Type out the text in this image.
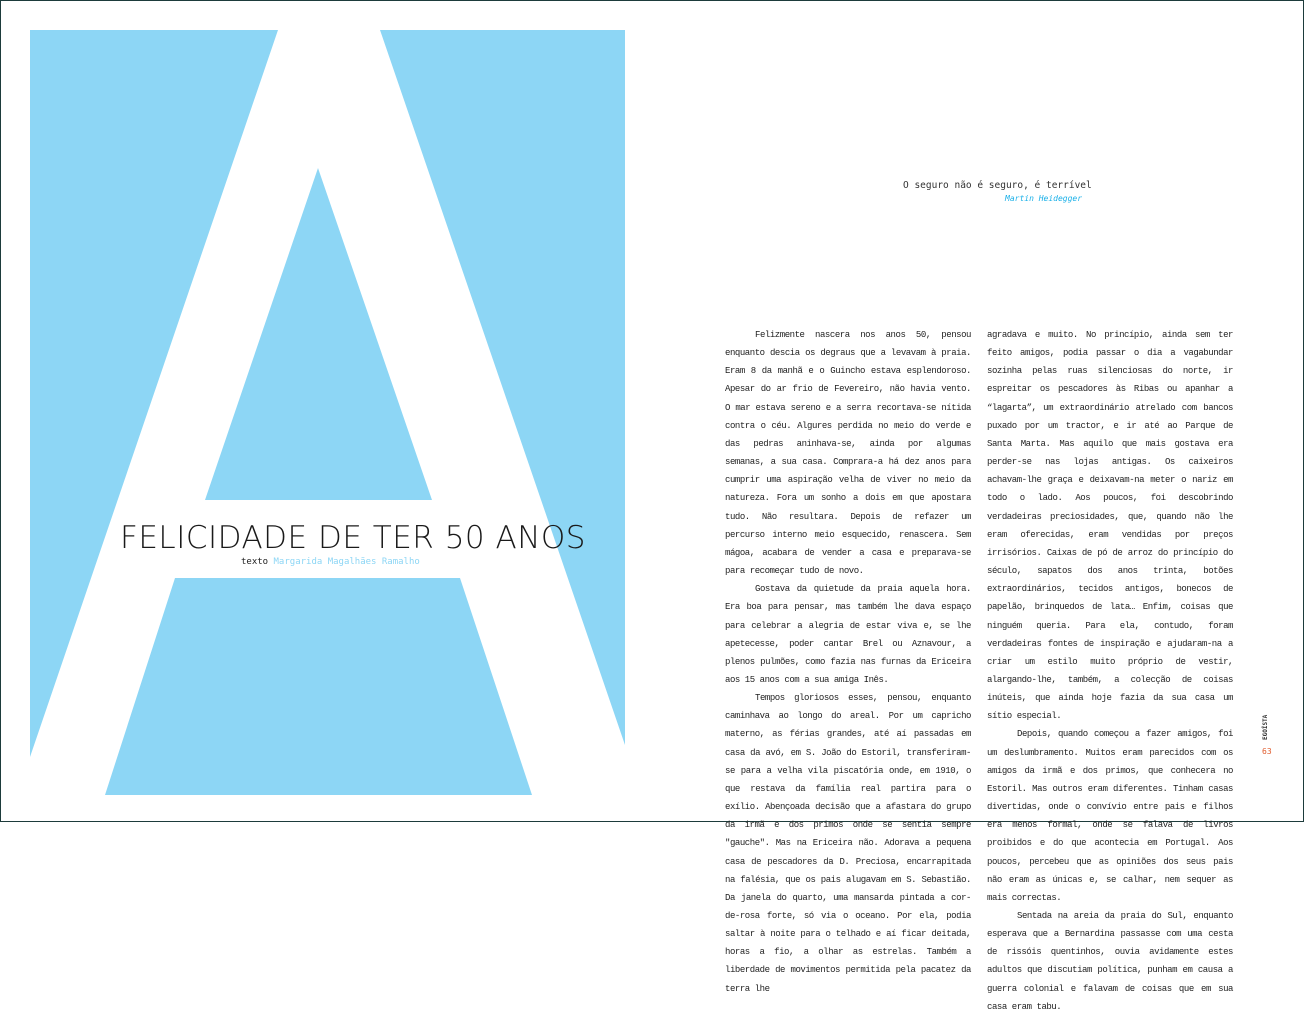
FELICIDADE DE TER 50 ANOS
texto Margarida Magalhães Ramalho
O seguro não é seguro, é terrível
Martin Heidegger

Felizmente nascera nos anos 50, pensou enquanto descia os degraus que a levavam à praia. Eram 8 da manhã e o Guincho estava esplendoroso. Apesar do ar frio de Fevereiro, não havia vento. O mar estava sereno e a serra recortava-se nítida contra o céu. Algures perdida no meio do verde e das pedras aninhava-se, ainda por algumas semanas, a sua casa. Comprara-a há dez anos para cumprir uma aspiração velha de viver no meio da natureza. Fora um sonho a dois em que apostara tudo. Não resultara. Depois de refazer um percurso interno meio esquecido, renascera. Sem mágoa, acabara de vender a casa e preparava-se para recomeçar tudo de novo.

Gostava da quietude da praia aquela hora. Era boa para pensar, mas também lhe dava espaço para celebrar a alegria de estar viva e, se lhe apetecesse, poder cantar Brel ou Aznavour, a plenos pulmões, como fazia nas furnas da Ericeira aos 15 anos com a sua amiga Inês.

Tempos gloriosos esses, pensou, enquanto caminhava ao longo do areal. Por um capricho materno, as férias grandes, até aí passadas em casa da avó, em S. João do Estoril, transferiram-se para a velha vila piscatória onde, em 1910, o que restava da família real partira para o exílio. Abençoada decisão que a afastara do grupo da irmã e dos primos onde se sentia sempre "gauche". Mas na Ericeira não. Adorava a pequena casa de pescadores da D. Preciosa, encarrapitada na falésia, que os pais alugavam em S. Sebastião. Da janela do quarto, uma mansarda pintada a cor-de-rosa forte, só via o oceano. Por ela, podia saltar à noite para o telhado e aí ficar deitada, horas a fio, a olhar as estrelas. Também a liberdade de movimentos permitida pela pacatez da terra lhe

agradava e muito. No princípio, ainda sem ter feito amigos, podia passar o dia a vagabundar sozinha pelas ruas silenciosas do norte, ir espreitar os pescadores às Ribas ou apanhar a “lagarta”, um extraordinário atrelado com bancos puxado por um tractor, e ir até ao Parque de Santa Marta. Mas aquilo que mais gostava era perder-se nas lojas antigas. Os caixeiros achavam-lhe graça e deixavam-na meter o nariz em todo o lado. Aos poucos, foi descobrindo verdadeiras preciosidades, que, quando não lhe eram oferecidas, eram vendidas por preços irrisórios. Caixas de pó de arroz do princípio do século, sapatos dos anos trinta, botões extraordinários, tecidos antigos, bonecos de papelão, brinquedos de lata… Enfim, coisas que ninguém queria. Para ela, contudo, foram verdadeiras fontes de inspiração e ajudaram-na a criar um estilo muito próprio de vestir, alargando-lhe, também, a colecção de coisas inúteis, que ainda hoje fazia da sua casa um sítio especial.

Depois, quando começou a fazer amigos, foi um deslumbramento. Muitos eram parecidos com os amigos da irmã e dos primos, que conhecera no Estoril. Mas outros eram diferentes. Tinham casas divertidas, onde o convívio entre pais e filhos era menos formal, onde se falava de livros proibidos e do que acontecia em Portugal. Aos poucos, percebeu que as opiniões dos seus pais não eram as únicas e, se calhar, nem sequer as mais correctas.

Sentada na areia da praia do Sul, enquanto esperava que a Bernardina passasse com uma cesta de rissóis quentinhos, ouvia avidamente estes adultos que discutiam política, punham em causa a guerra colonial e falavam de coisas que em sua casa eram tabu.

EGOÍSTA
63
